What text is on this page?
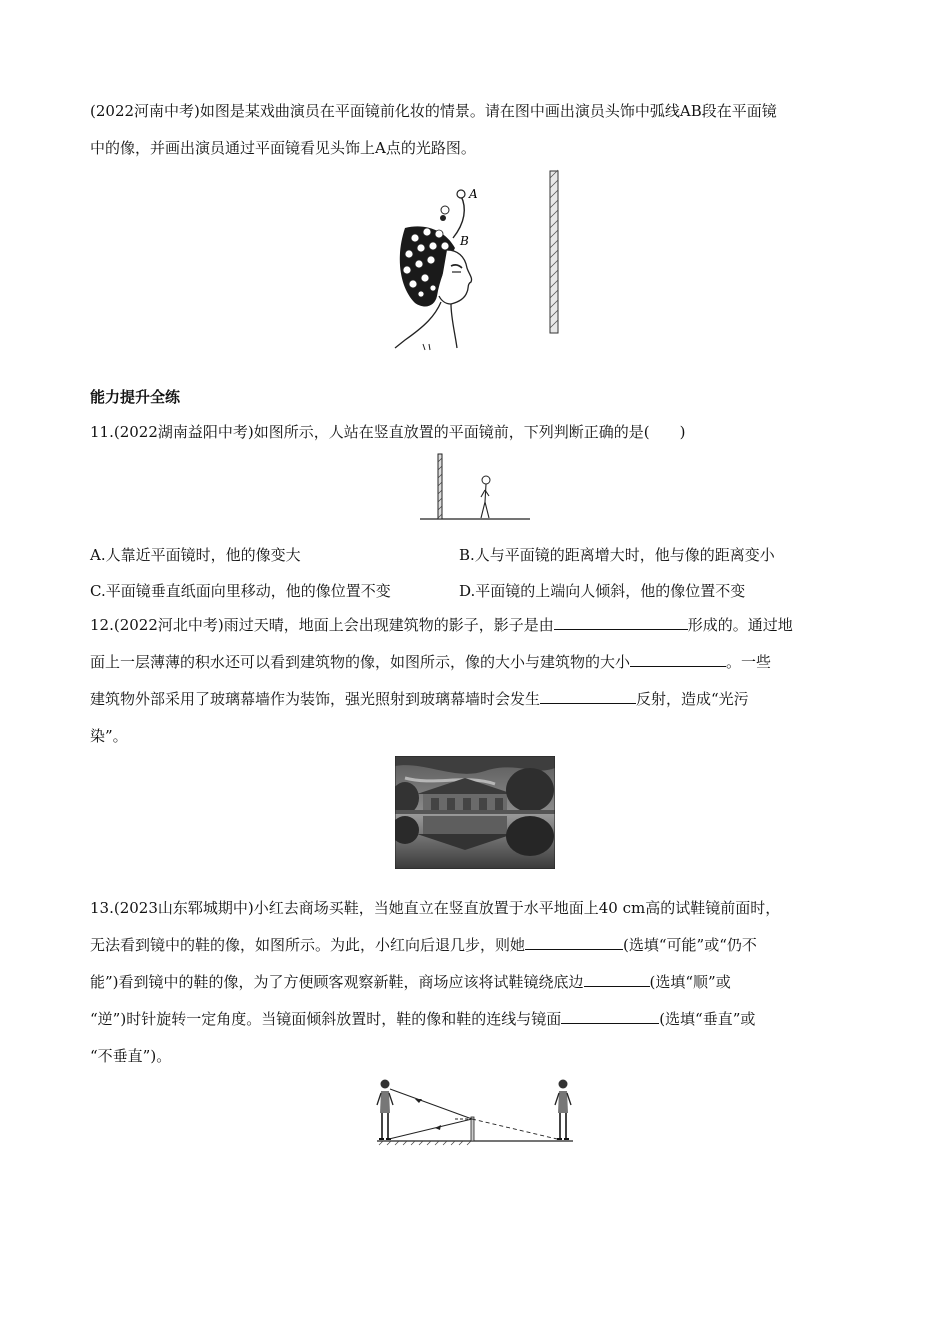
(2022河南中考)如图是某戏曲演员在平面镜前化妆的情景。请在图中画出演员头饰中弧线AB段在平面镜
中的像，并画出演员通过平面镜看见头饰上A点的光路图。
A
B
能力提升全练
11.(2022湖南益阳中考)如图所示，人站在竖直放置的平面镜前，下列判断正确的是(　　)
A.人靠近平面镜时，他的像变大	B.人与平面镜的距离增大时，他与像的距离变小
C.平面镜垂直纸面向里移动，他的像位置不变	D.平面镜的上端向人倾斜，他的像位置不变
12.(2022河北中考)雨过天晴，地面上会出现建筑物的影子，影子是由	形成的。通过地
面上一层薄薄的积水还可以看到建筑物的像，如图所示，像的大小与建筑物的大小	。一些
建筑物外部采用了玻璃幕墙作为装饰，强光照射到玻璃幕墙时会发生	反射，造成“光污
染”。
13.(2023山东郓城期中)小红去商场买鞋，当她直立在竖直放置于水平地面上40 cm高的试鞋镜前面时，
无法看到镜中的鞋的像，如图所示。为此，小红向后退几步，则她	(选填“可能”或“仍不
能”)看到镜中的鞋的像，为了方便顾客观察新鞋，商场应该将试鞋镜绕底边	(选填“顺”或
“逆”)时针旋转一定角度。当镜面倾斜放置时，鞋的像和鞋的连线与镜面	(选填“垂直”或
“不垂直”)。
